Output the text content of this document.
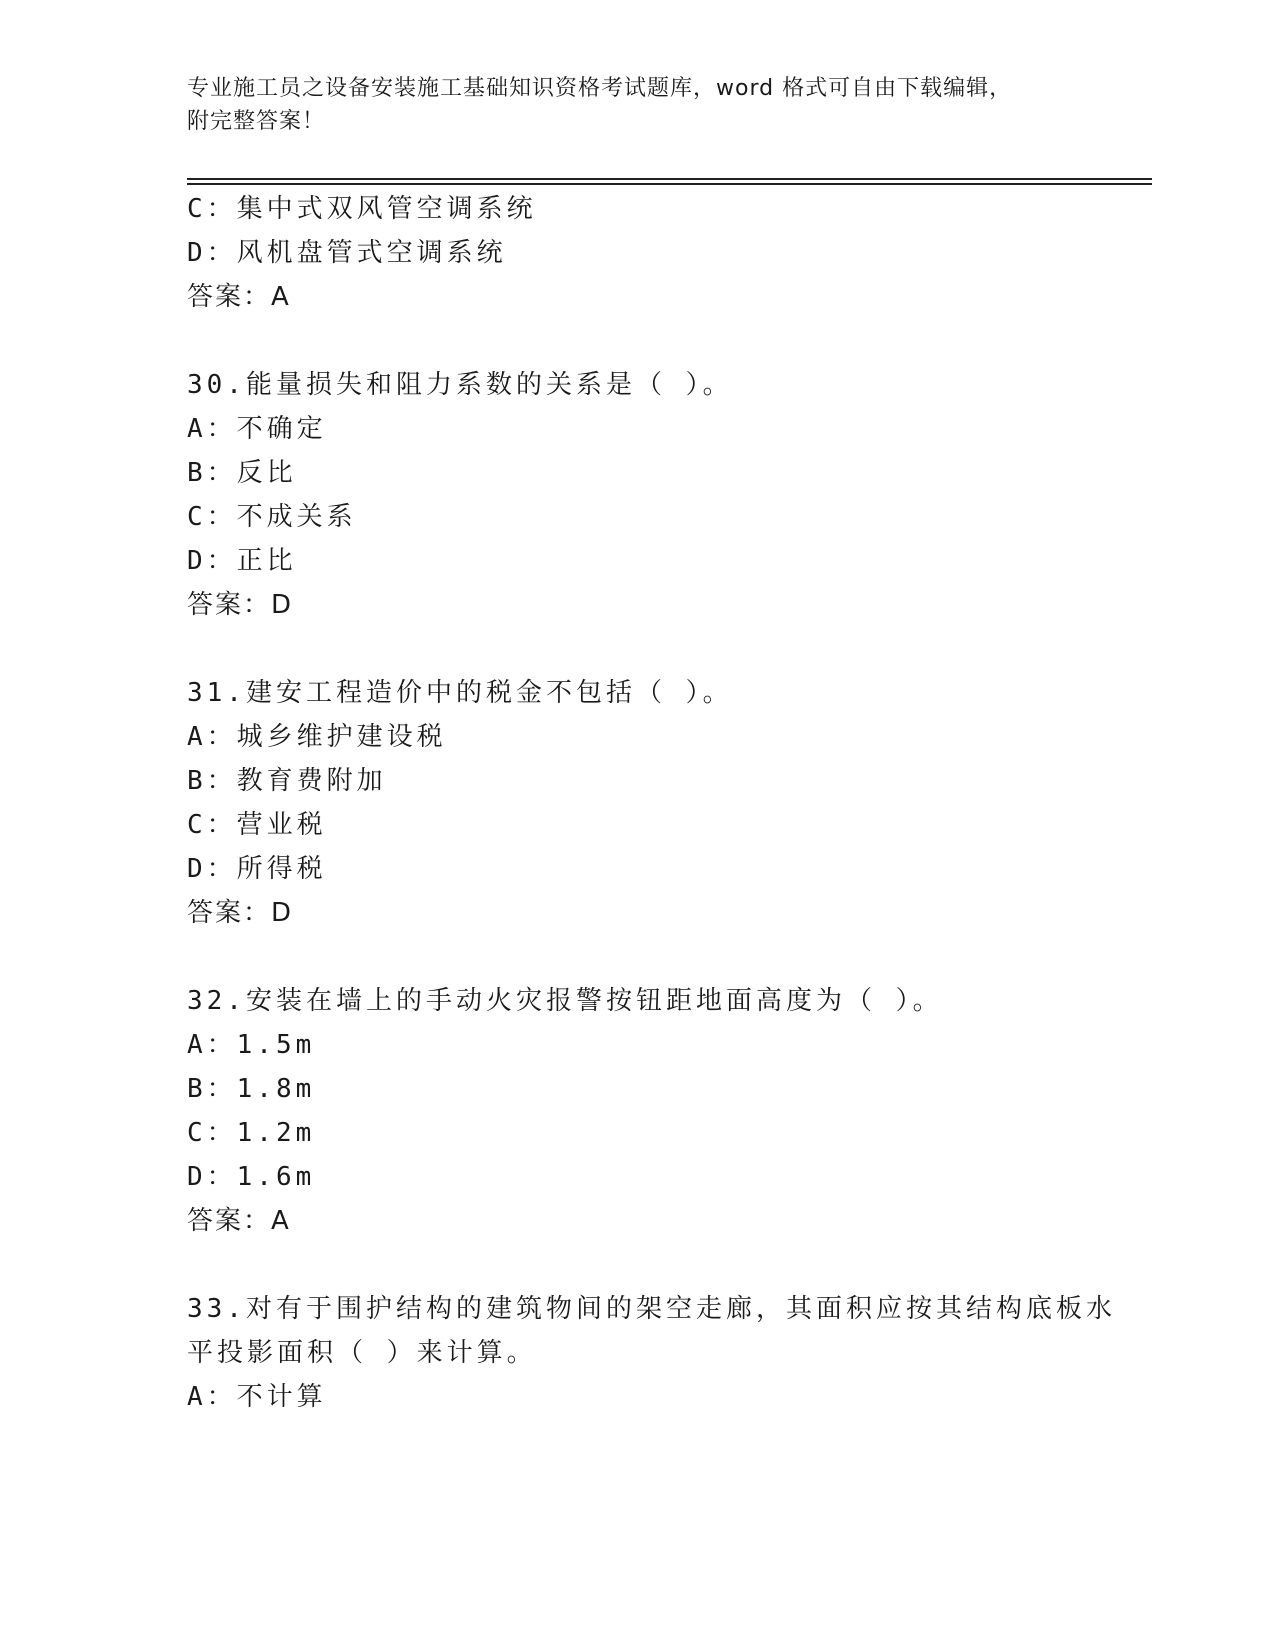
专业施工员之设备安装施工基础知识资格考试题库，word 格式可自由下载编辑，
附完整答案！
C：集中式双风管空调系统
D：风机盘管式空调系统
答案：A
30.能量损失和阻力系数的关系是（ ）。
A：不确定
B：反比
C：不成关系
D：正比
答案：D
31.建安工程造价中的税金不包括（ ）。
A：城乡维护建设税
B：教育费附加
C：营业税
D：所得税
答案：D
32.安装在墙上的手动火灾报警按钮距地面高度为（ ）。
A：1.5m
B：1.8m
C：1.2m
D：1.6m
答案：A
33.对有于围护结构的建筑物间的架空走廊，其面积应按其结构底板水
平投影面积（ ）来计算。
A：不计算
